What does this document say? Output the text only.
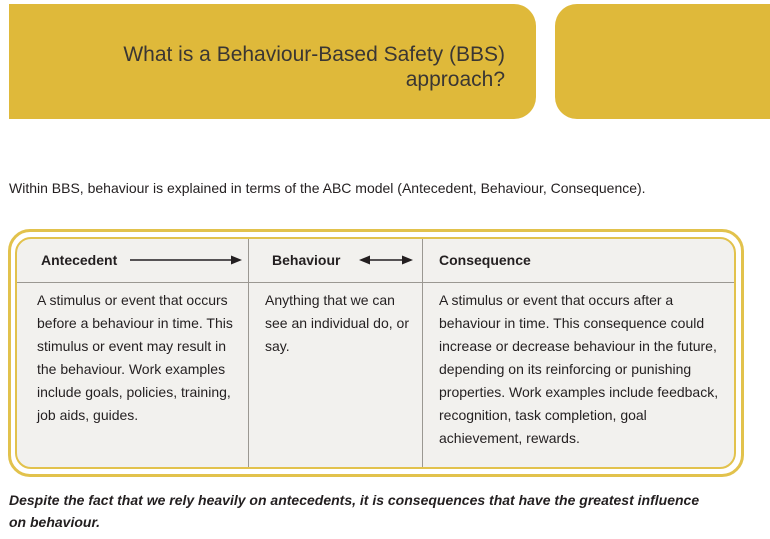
What is a Behaviour-Based Safety (BBS) approach?

Within BBS, behaviour is explained in terms of the ABC model (Antecedent, Behaviour, Consequence).

Antecedent

A stimulus or event that occurs before a behaviour in time. This stimulus or event may result in the behaviour. Work examples include goals, policies, training, job aids, guides.

Behaviour

Anything that we can see an individual do, or say.

Consequence

A stimulus or event that occurs after a behaviour in time. This consequence could increase or decrease behaviour in the future, depending on its reinforcing or punishing properties. Work examples include feedback, recognition, task completion, goal achievement, rewards.

Despite the fact that we rely heavily on antecedents, it is consequences that have the greatest influence on behaviour.
